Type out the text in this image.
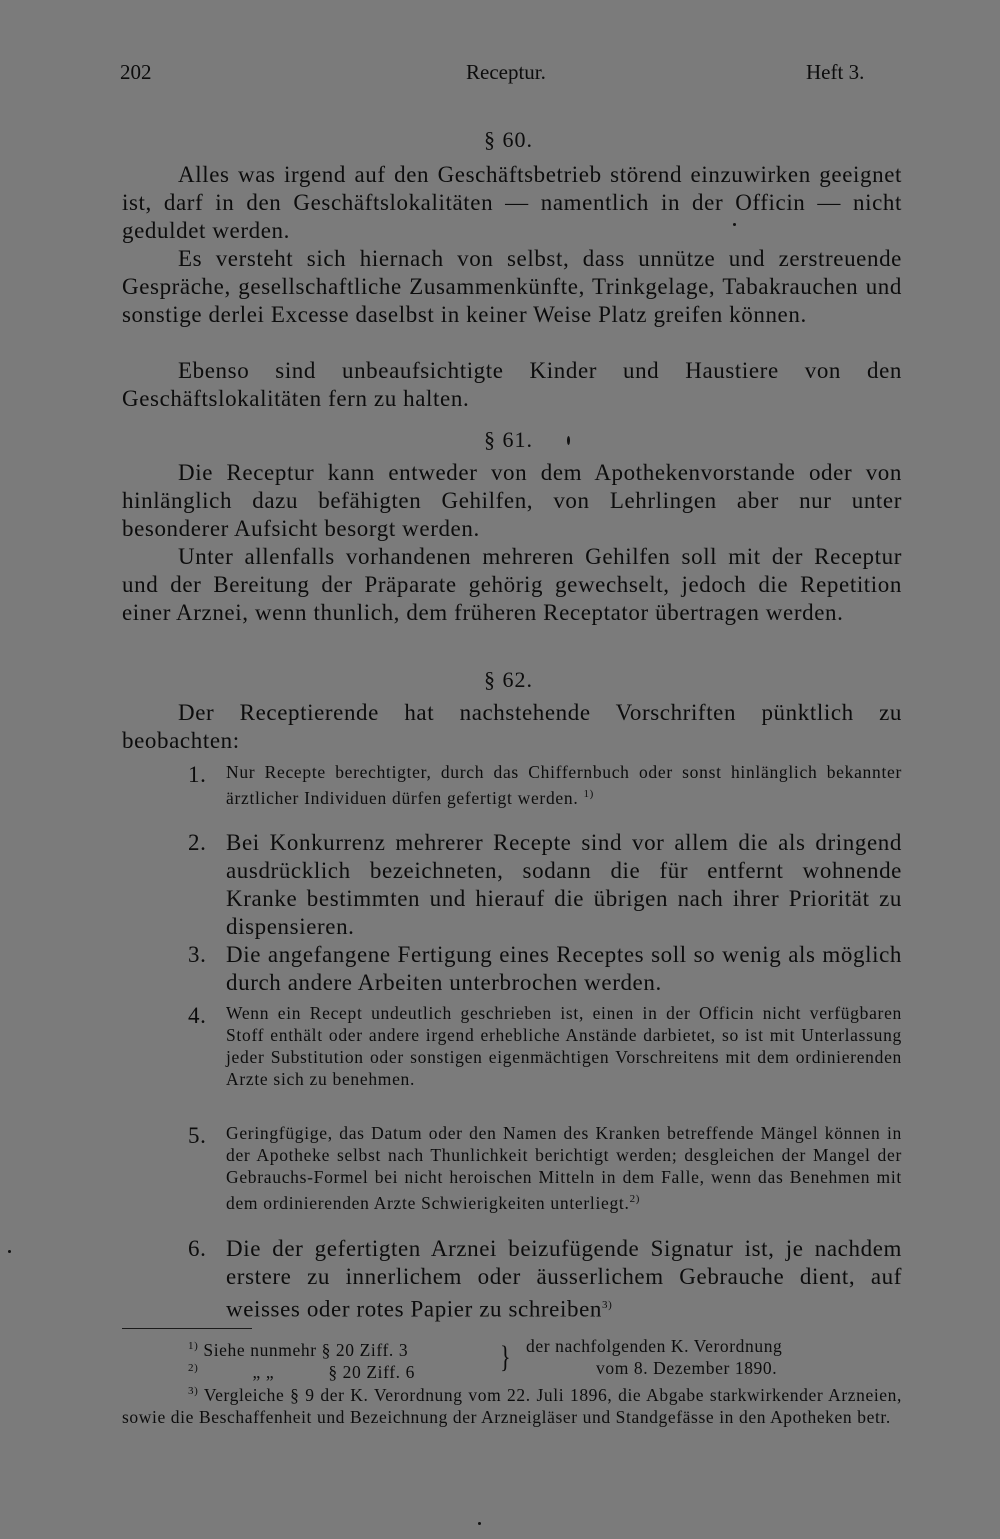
202	Receptur.	Heft 3.
§ 60.

Alles was irgend auf den Geschäftsbetrieb störend einzuwirken geeignet ist, darf in den Geschäftslokalitäten — namentlich in der Officin — nicht geduldet werden.

Es versteht sich hiernach von selbst, dass unnütze und zerstreuende Gespräche, gesellschaftliche Zusammenkünfte, Trinkgelage, Tabakrauchen und sonstige derlei Excesse daselbst in keiner Weise Platz greifen können.

Ebenso sind unbeaufsichtigte Kinder und Haustiere von den Geschäftslokalitäten fern zu halten.

§ 61.

Die Receptur kann entweder von dem Apothekenvorstande oder von hinlänglich dazu befähigten Gehilfen, von Lehrlingen aber nur unter besonderer Aufsicht besorgt werden.

Unter allenfalls vorhandenen mehreren Gehilfen soll mit der Receptur und der Bereitung der Präparate gehörig gewechselt, jedoch die Repetition einer Arznei, wenn thunlich, dem früheren Receptator übertragen werden.

§ 62.

Der Receptierende hat nachstehende Vorschriften pünktlich zu beobachten:

1. Nur Recepte berechtigter, durch das Chiffernbuch oder sonst hinlänglich bekannter ärztlicher Individuen dürfen gefertigt werden. $^{1)}$
2. Bei Konkurrenz mehrerer Recepte sind vor allem die als dringend ausdrücklich bezeichneten, sodann die für entfernt wohnende Kranke bestimmten und hierauf die übrigen nach ihrer Priorität zu dispensieren.
3. Die angefangene Fertigung eines Receptes soll so wenig als möglich durch andere Arbeiten unterbrochen werden.
4. Wenn ein Recept undeutlich geschrieben ist, einen in der Officin nicht verfügbaren Stoff enthält oder andere irgend erhebliche Anstände darbietet, so ist mit Unterlassung jeder Substitution oder sonstigen eigenmächtigen Vorschreitens mit dem ordinierenden Arzte sich zu benehmen.
5. Geringfügige, das Datum oder den Namen des Kranken betreffende Mängel können in der Apotheke selbst nach Thunlichkeit berichtigt werden; desgleichen der Mangel der Gebrauchs-Formel bei nicht heroischen Mitteln in dem Falle, wenn das Benehmen mit dem ordinierenden Arzte Schwierigkeiten unterliegt.$^{2)}$
6. Die der gefertigten Arznei beizufügende Signatur ist, je nachdem erstere zu innerlichem oder äusserlichem Gebrauche dient, auf weisses oder rotes Papier zu schreiben$^{3)}$
$^{1)}$ Siehe nunmehr § 20 Ziff. 3
$^{2)}$	„ „	§ 20 Ziff. 6	} der nachfolgenden K. Verordnung
vom 8. Dezember 1890.
$^{3)}$ Vergleiche § 9 der K. Verordnung vom 22. Juli 1896, die Abgabe starkwirkender Arzneien, sowie die Beschaffenheit und Bezeichnung der Arzneigläser und Standgefässe in den Apotheken betr.
